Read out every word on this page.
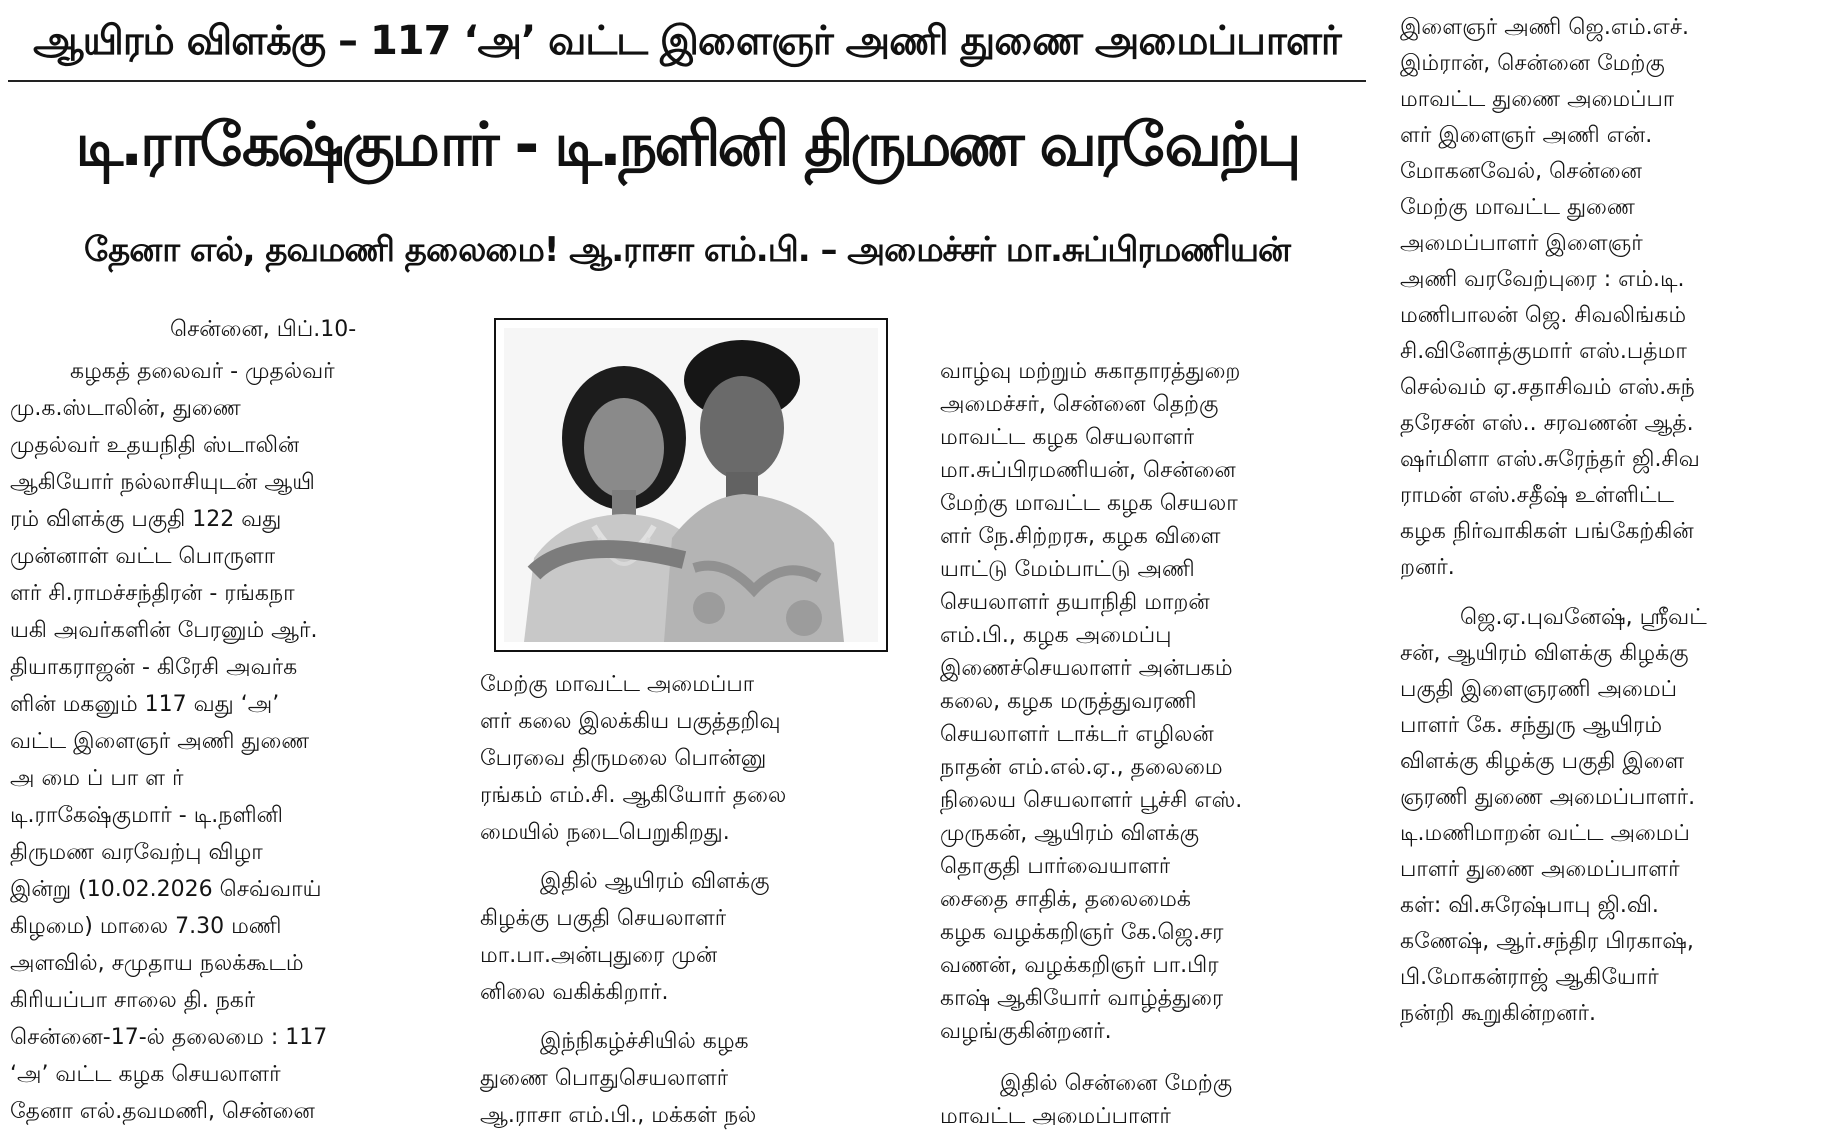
ஆயிரம் விளக்கு – 117 ‘அ’ வட்ட இளைஞர் அணி துணை அமைப்பாளர்
டி.ராகேஷ்குமார் - டி.நளினி திருமண வரவேற்பு
தேனா எல், தவமணி தலைமை! ஆ.ராசா எம்.பி. – அமைச்சர் மா.சுப்பிரமணியன்
சென்னை, பிப்.10-
கழகத் தலைவர் - முதல்வர்
மு.க.ஸ்டாலின், துணை
முதல்வர் உதயநிதி ஸ்டாலின்
ஆகியோர் நல்லாசியுடன் ஆயி
ரம் விளக்கு பகுதி 122 வது
முன்னாள் வட்ட பொருளா
ளர் சி.ராமச்சந்திரன் - ரங்கநா
யகி அவர்களின் பேரனும் ஆர்.
தியாகராஜன் - கிரேசி அவர்க
ளின் மகனும் 117 வது ‘அ’
வட்ட இளைஞர் அணி துணை
அ மை ப் பா ள ர்
டி.ராகேஷ்குமார் - டி.நளினி
திருமண வரவேற்பு விழா
இன்று (10.02.2026 செவ்வாய்
கிழமை) மாலை 7.30 மணி
அளவில், சமுதாய நலக்கூடம்
கிரியப்பா சாலை தி. நகர்
சென்னை-17-ல் தலைமை : 117
‘அ’ வட்ட கழக செயலாளர்
தேனா எல்.தவமணி, சென்னை
மேற்கு மாவட்ட அமைப்பா
ளர் கலை இலக்கிய பகுத்தறிவு
பேரவை திருமலை பொன்னு
ரங்கம் எம்.சி. ஆகியோர் தலை
மையில் நடைபெறுகிறது.
இதில் ஆயிரம் விளக்கு
கிழக்கு பகுதி செயலாளர்
மா.பா.அன்புதுரை முன்
னிலை வகிக்கிறார்.
இந்நிகழ்ச்சியில் கழக
துணை பொதுசெயலாளர்
ஆ.ராசா எம்.பி., மக்கள் நல்
வாழ்வு மற்றும் சுகாதாரத்துறை
அமைச்சர், சென்னை தெற்கு
மாவட்ட கழக செயலாளர்
மா.சுப்பிரமணியன், சென்னை
மேற்கு மாவட்ட கழக செயலா
ளர் நே.சிற்றரசு, கழக விளை
யாட்டு மேம்பாட்டு அணி
செயலாளர் தயாநிதி மாறன்
எம்.பி., கழக அமைப்பு
இணைச்செயலாளர் அன்பகம்
கலை, கழக மருத்துவரணி
செயலாளர் டாக்டர் எழிலன்
நாதன் எம்.எல்.ஏ., தலைமை
நிலைய செயலாளர் பூச்சி எஸ்.
முருகன், ஆயிரம் விளக்கு
தொகுதி பார்வையாளர்
சைதை சாதிக், தலைமைக்
கழக வழக்கறிஞர் கே.ஜெ.சர
வணன், வழக்கறிஞர் பா.பிர
காஷ் ஆகியோர் வாழ்த்துரை
வழங்குகின்றனர்.
இதில் சென்னை மேற்கு
மாவட்ட அமைப்பாளர்
இளைஞர் அணி ஜெ.எம்.எச்.
இம்ரான், சென்னை மேற்கு
மாவட்ட துணை அமைப்பா
ளர் இளைஞர் அணி என்.
மோகனவேல், சென்னை
மேற்கு மாவட்ட துணை
அமைப்பாளர் இளைஞர்
அணி வரவேற்புரை : எம்.டி.
மணிபாலன் ஜெ. சிவலிங்கம்
சி.வினோத்குமார் எஸ்.பத்மா
செல்வம் ஏ.சதாசிவம் எஸ்.சுந்
தரேசன் எஸ்.. சரவணன் ஆத்.
ஷர்மிளா எஸ்.சுரேந்தர் ஜி.சிவ
ராமன் எஸ்.சதீஷ் உள்ளிட்ட
கழக நிர்வாகிகள் பங்கேற்கின்
றனர்.
ஜெ.ஏ.புவனேஷ், ஸ்ரீவட்
சன், ஆயிரம் விளக்கு கிழக்கு
பகுதி இளைஞரணி அமைப்
பாளர் கே. சந்துரு ஆயிரம்
விளக்கு கிழக்கு பகுதி இளை
ஞரணி துணை அமைப்பாளர்.
டி.மணிமாறன் வட்ட அமைப்
பாளர் துணை அமைப்பாளர்
கள்: வி.சுரேஷ்பாபு ஜி.வி.
கணேஷ், ஆர்.சந்திர பிரகாஷ்,
பி.மோகன்ராஜ் ஆகியோர்
நன்றி கூறுகின்றனர்.
